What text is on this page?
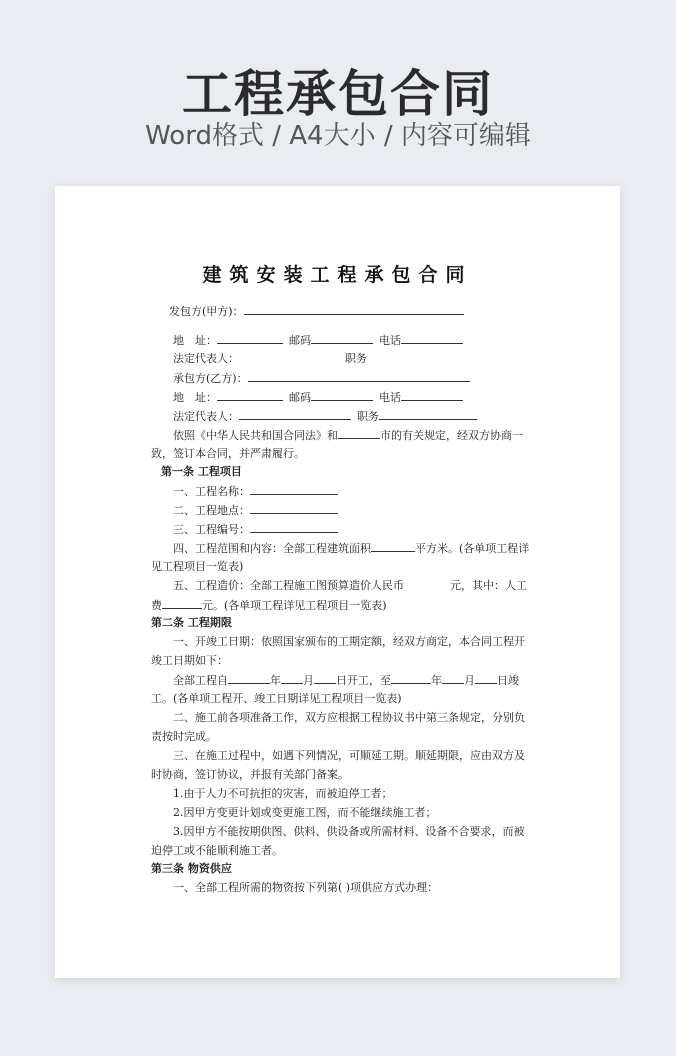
工程承包合同
Word格式 / A4大小 / 内容可编辑
建筑安装工程承包合同
发包方(甲方)：
地　址：	邮码	电话
法定代表人：	职务
承包方(乙方)：
地　址：	邮码	电话
法定代表人：	职务
依照《中华人民共和国合同法》和	市的有关规定，经双方协商一
致，签订本合同，并严肃履行。
第一条 工程项目
一、工程名称：
二、工程地点：
三、工程编号：
四、工程范围和内容：全部工程建筑面积	平方米。(各单项工程详
见工程项目一览表)
五、工程造价：全部工程施工图预算造价人民币	元，其中：人工
费	元。(各单项工程详见工程项目一览表)
第二条 工程期限
一、开竣工日期：依照国家颁布的工期定额，经双方商定，本合同工程开
竣工日期如下：
全部工程自	年 月 日开工，至	年 月 日竣
工。(各单项工程开、竣工日期详见工程项目一览表)
二、施工前各项准备工作，双方应根据工程协议书中第三条规定，分别负
责按时完成。
三、在施工过程中，如遇下列情况，可顺延工期。顺延期限，应由双方及
时协商，签订协议，并报有关部门备案。
1.由于人力不可抗拒的灾害，而被迫停工者；
2.因甲方变更计划或变更施工图，而不能继续施工者；
3.因甲方不能按期供图、供料、供设备或所需材料、设备不合要求，而被
迫停工或不能顺利施工者。
第三条 物资供应
一、全部工程所需的物资按下列第( )项供应方式办理：
